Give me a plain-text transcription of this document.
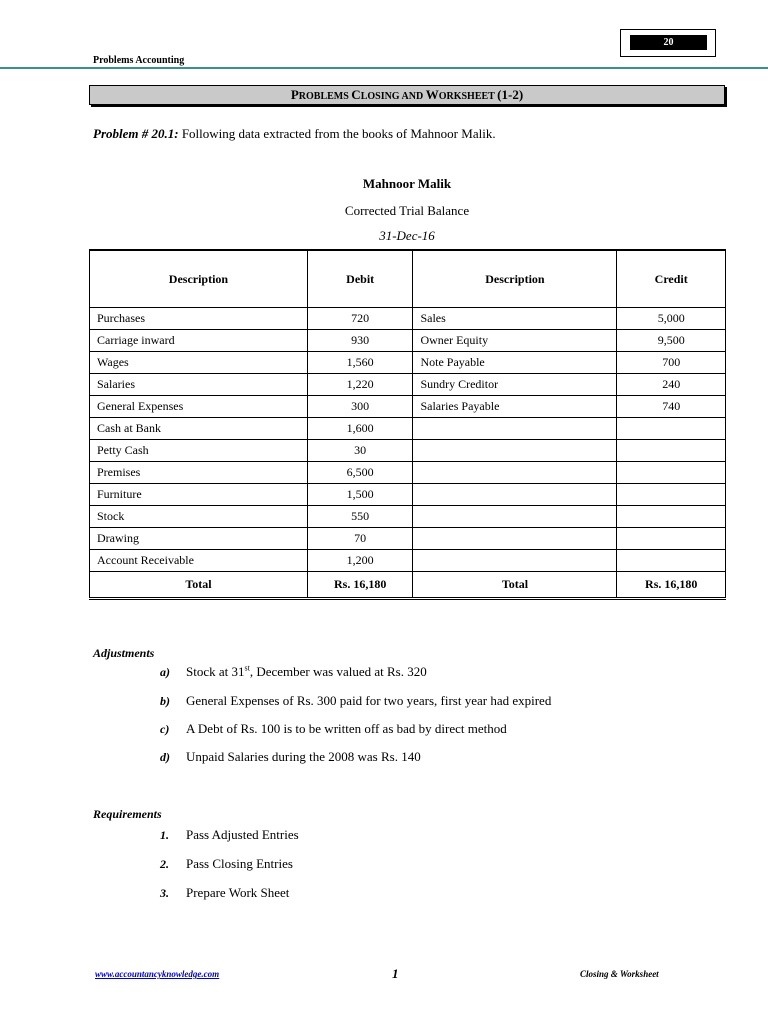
20
Problems Accounting
PROBLEMS CLOSING AND WORKSHEET (1-2)
Problem # 20.1: Following data extracted from the books of Mahnoor Malik.
Mahnoor Malik
Corrected Trial Balance
31-Dec-16
Description	Debit	Description	Credit
Purchases	720	Sales	5,000
Carriage inward	930	Owner Equity	9,500
Wages	1,560	Note Payable	700
Salaries	1,220	Sundry Creditor	240
General Expenses	300	Salaries Payable	740
Cash at Bank	1,600		
Petty Cash	30		
Premises	6,500		
Furniture	1,500		
Stock	550		
Drawing	70		
Account Receivable	1,200		
Total	Rs. 16,180	Total	Rs. 16,180
Adjustments
a) Stock at 31st, December was valued at Rs. 320
b) General Expenses of Rs. 300 paid for two years, first year had expired
c) A Debt of Rs. 100 is to be written off as bad by direct method
d) Unpaid Salaries during the 2008 was Rs. 140
Requirements
1. Pass Adjusted Entries
2. Pass Closing Entries
3. Prepare Work Sheet
www.accountancyknowledge.com	1	Closing & Worksheet
